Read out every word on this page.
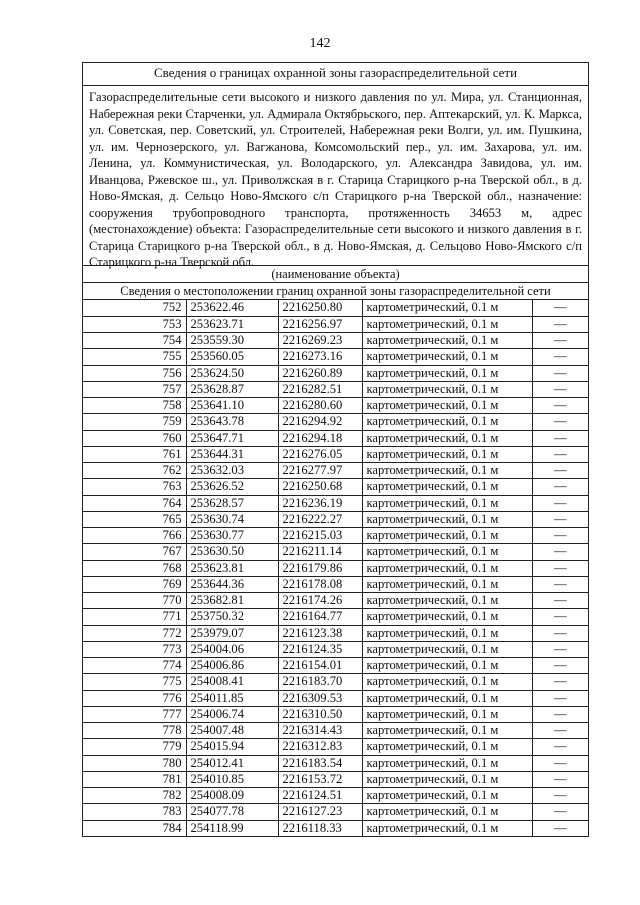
142
Сведения о границах охранной зоны газораспределительной сети
Газораспределительные сети высокого и низкого давления по ул. Мира, ул. Станционная, Набережная реки Старченки, ул. Адмирала Октябрьского, пер. Аптекарский, ул. К. Маркса, ул. Советская, пер. Советский, ул. Строителей, Набережная реки Волги, ул. им. Пушкина, ул. им. Чернозерского, ул. Вагжанова, Комсомольский пер., ул. им. Захарова, ул. им. Ленина, ул. Коммунистическая, ул. Володарского, ул. Александра Завидова, ул. им. Иванцова, Ржевское ш., ул. Приволжская в г. Старица Старицкого р-на Тверской обл., в д. Ново-Ямская, д. Сельцо Ново-Ямского с/п Старицкого р-на Тверской обл., назначение: сооружения трубопроводного транспорта, протяженность 34653 м, адрес (местонахождение) объекта: Газораспределительные сети высокого и низкого давления в г. Старица Старицкого р-на Тверской обл., в д. Ново-Ямская, д. Сельцово Ново-Ямского с/п Старицкого р-на Тверской обл.
(наименование объекта)
Сведения о местоположении границ охранной зоны газораспределительной сети
752	253622.46	2216250.80	картометрический, 0.1 м	—
753	253623.71	2216256.97	картометрический, 0.1 м	—
754	253559.30	2216269.23	картометрический, 0.1 м	—
755	253560.05	2216273.16	картометрический, 0.1 м	—
756	253624.50	2216260.89	картометрический, 0.1 м	—
757	253628.87	2216282.51	картометрический, 0.1 м	—
758	253641.10	2216280.60	картометрический, 0.1 м	—
759	253643.78	2216294.92	картометрический, 0.1 м	—
760	253647.71	2216294.18	картометрический, 0.1 м	—
761	253644.31	2216276.05	картометрический, 0.1 м	—
762	253632.03	2216277.97	картометрический, 0.1 м	—
763	253626.52	2216250.68	картометрический, 0.1 м	—
764	253628.57	2216236.19	картометрический, 0.1 м	—
765	253630.74	2216222.27	картометрический, 0.1 м	—
766	253630.77	2216215.03	картометрический, 0.1 м	—
767	253630.50	2216211.14	картометрический, 0.1 м	—
768	253623.81	2216179.86	картометрический, 0.1 м	—
769	253644.36	2216178.08	картометрический, 0.1 м	—
770	253682.81	2216174.26	картометрический, 0.1 м	—
771	253750.32	2216164.77	картометрический, 0.1 м	—
772	253979.07	2216123.38	картометрический, 0.1 м	—
773	254004.06	2216124.35	картометрический, 0.1 м	—
774	254006.86	2216154.01	картометрический, 0.1 м	—
775	254008.41	2216183.70	картометрический, 0.1 м	—
776	254011.85	2216309.53	картометрический, 0.1 м	—
777	254006.74	2216310.50	картометрический, 0.1 м	—
778	254007.48	2216314.43	картометрический, 0.1 м	—
779	254015.94	2216312.83	картометрический, 0.1 м	—
780	254012.41	2216183.54	картометрический, 0.1 м	—
781	254010.85	2216153.72	картометрический, 0.1 м	—
782	254008.09	2216124.51	картометрический, 0.1 м	—
783	254077.78	2216127.23	картометрический, 0.1 м	—
784	254118.99	2216118.33	картометрический, 0.1 м	—
